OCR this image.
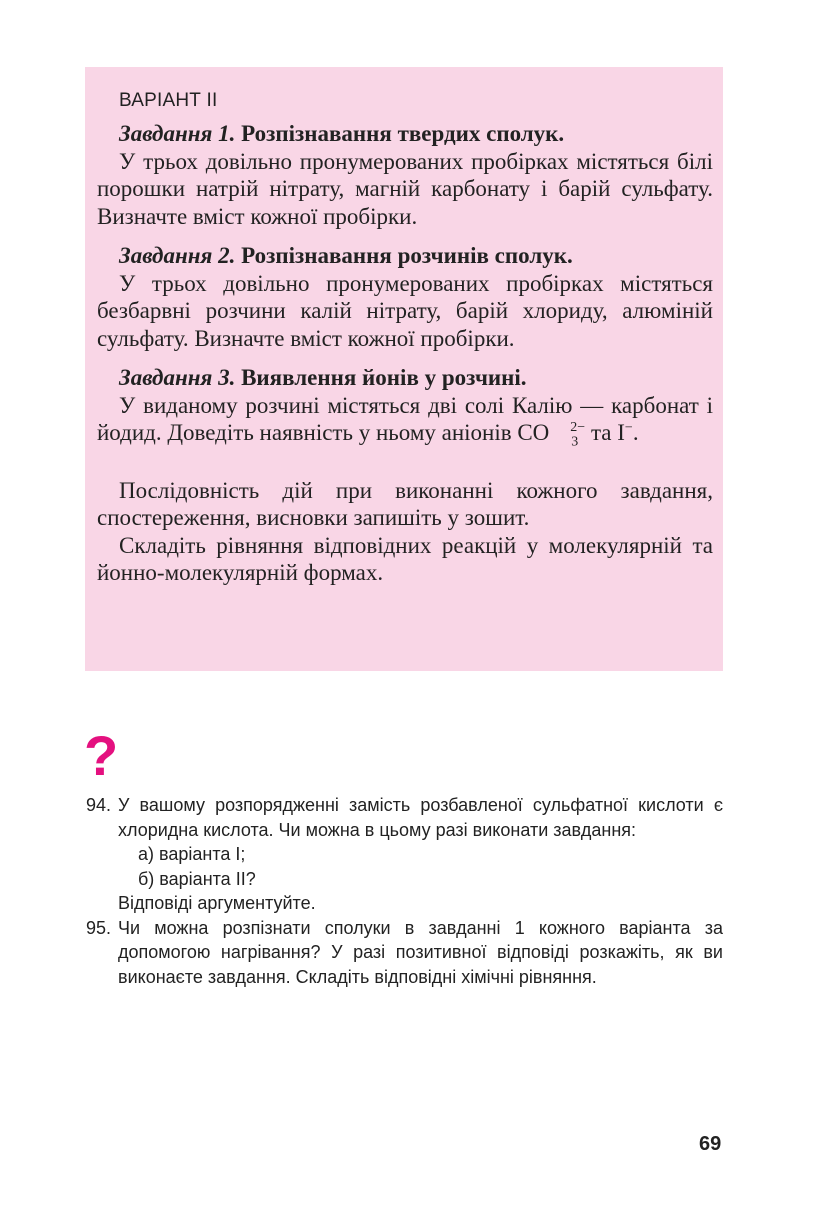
ВАРІАНТ ІІ

Завдання 1. Розпізнавання твердих сполук.

У трьох довільно пронумерованих пробірках містяться білі порошки натрій нітрату, магній карбонату і барій сульфату. Визначте вміст кожної пробірки.

Завдання 2. Розпізнавання розчинів сполук.

У трьох довільно пронумерованих пробірках містяться безбарвні розчини калій нітрату, барій хлориду, алюміній сульфату. Визначте вміст кожної пробірки.

Завдання 3. Виявлення йонів у розчині.

У виданому розчині містяться дві солі Калію — карбонат і йодид. Доведіть наявність у ньому аніонів CO $_3^{2-}$ та I−.

Послідовність дій при виконанні кожного завдання, спостереження, висновки запишіть у зошит.

Складіть рівняння відповідних реакцій у молекулярній та йонно-молекулярній формах.

?
94. У вашому розпорядженні замість розбавленої сульфатної кислоти є хлоридна кислота. Чи можна в цьому разі виконати завдання:

а) варіанта І;

б) варіанта ІІ?

Відповіді аргументуйте.

95. Чи можна розпізнати сполуки в завданні 1 кожного варіанта за допомогою нагрівання? У разі позитивної відповіді розкажіть, як ви виконаєте завдання. Складіть відповідні хімічні рівняння.

69
